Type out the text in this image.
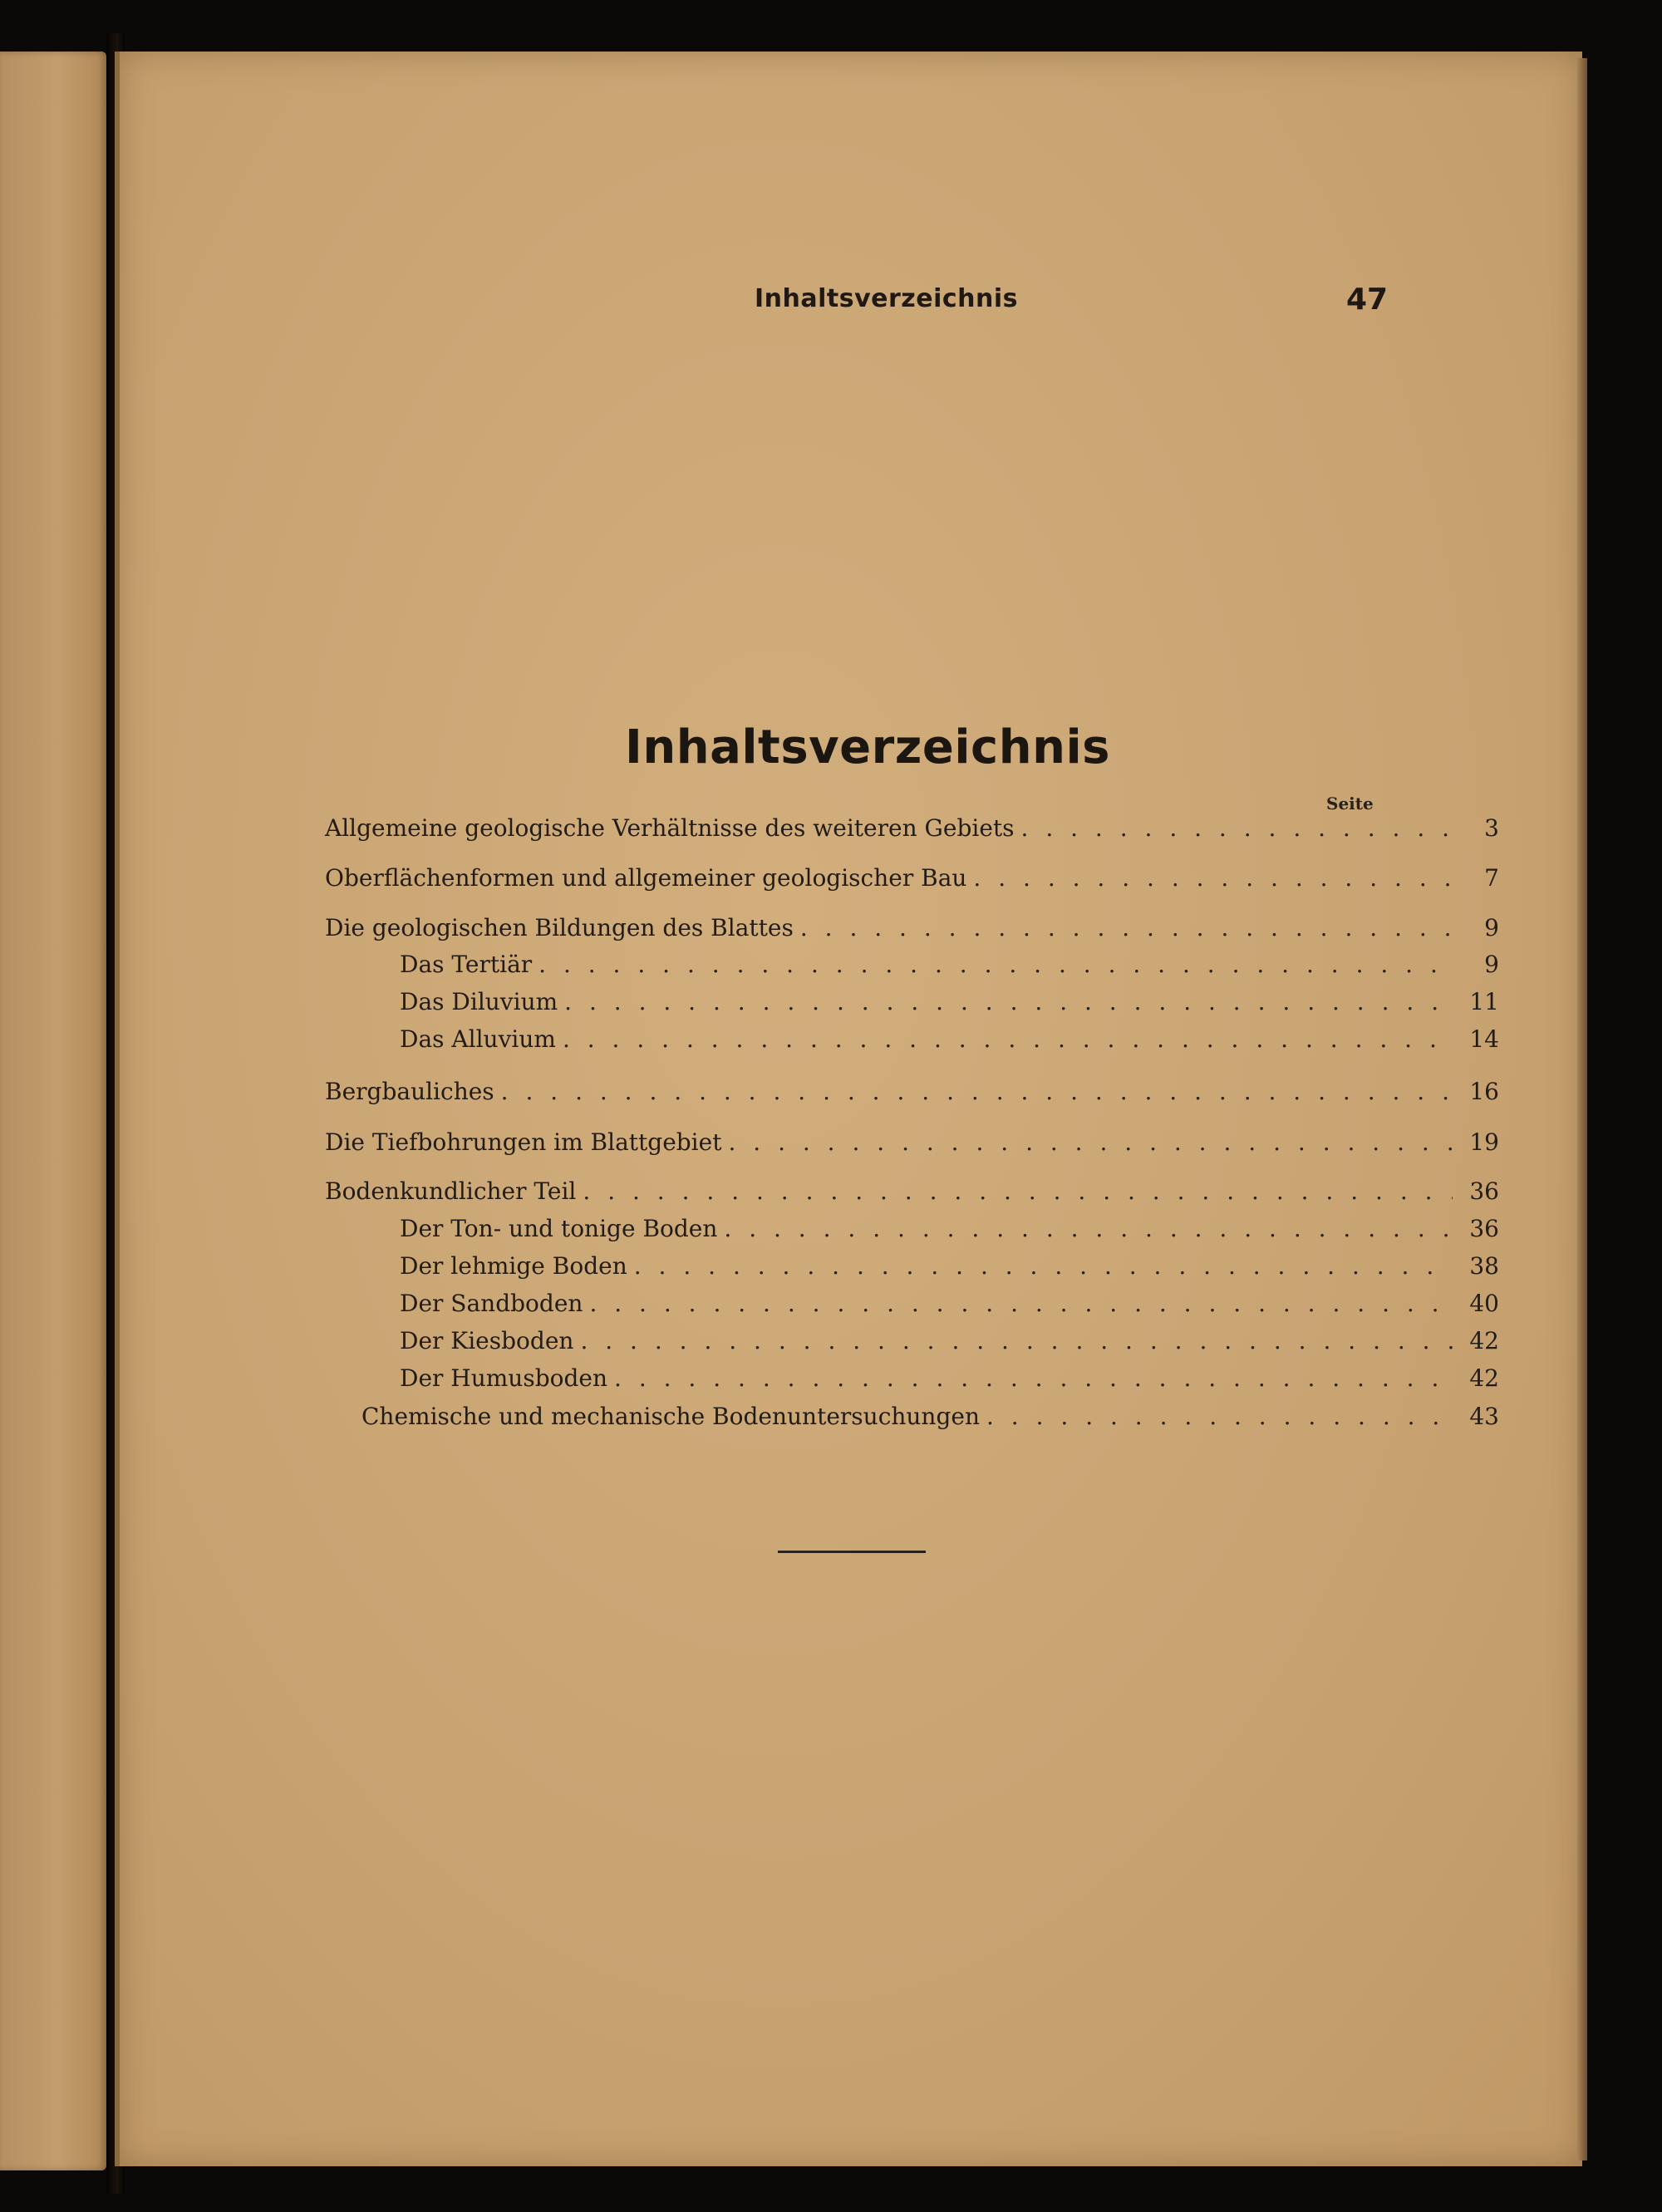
Inhaltsverzeichnis	47
Inhaltsverzeichnis
Seite
Allgemeine geologische Verhältnisse des weiteren Gebiets . . .	3
Oberflächenformen und allgemeiner geologischer Bau . . .	7
Die geologischen Bildungen des Blattes . . .	9
Das Tertiär . . .	9
Das Diluvium . . .	11
Das Alluvium . . .	14
Bergbauliches . . .	16
Die Tiefbohrungen im Blattgebiet . . .	19
Bodenkundlicher Teil . . .	36
Der Ton- und tonige Boden . . .	36
Der lehmige Boden . . .	38
Der Sandboden . . .	40
Der Kiesboden . . .	42
Der Humusboden . . .	42
Chemische und mechanische Bodenuntersuchungen . . .	43
